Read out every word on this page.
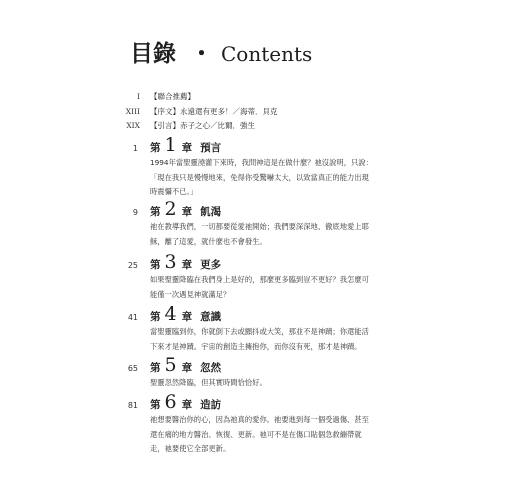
目錄 ・ Contents
I 【聯合推薦】
XIII 【序文】永遠還有更多！／海蒂．貝克
XIX 【引言】赤子之心／比爾．強生
1 第 1 章 預言
1994年當聖靈澆灌下來時，我問神這是在做什麼？祂沒說明，只說：
「現在我只是慢慢地來，免得你受驚嚇太大，以致當真正的能力出現
時震懾不已。」
9 第 2 章 飢渴
祂在教導我們，一切都要從愛祂開始；我們要深深地、徹底地愛上耶
穌，離了這愛，就什麼也不會發生。
25 第 3 章 更多
如果聖靈降臨在我們身上是好的，那麼更多臨到豈不更好？我怎麼可
能僅一次遇見神就滿足？
41 第 4 章 意識
當聖靈臨到你，你就倒下去或顫抖或大笑，那並不是神蹟；你還能活
下來才是神蹟。宇宙的創造主擁抱你，而你沒有死，那才是神蹟。
65 第 5 章 忽然
聖靈忽然降臨，但其實時間恰恰好。
81 第 6 章 造訪
祂想要醫治你的心，因為祂真的愛你。祂要進到每一個受過傷、甚至
還在痛的地方醫治、恢復、更新。祂可不是在傷口貼個急救繃帶就
走，祂要使它全部更新。
